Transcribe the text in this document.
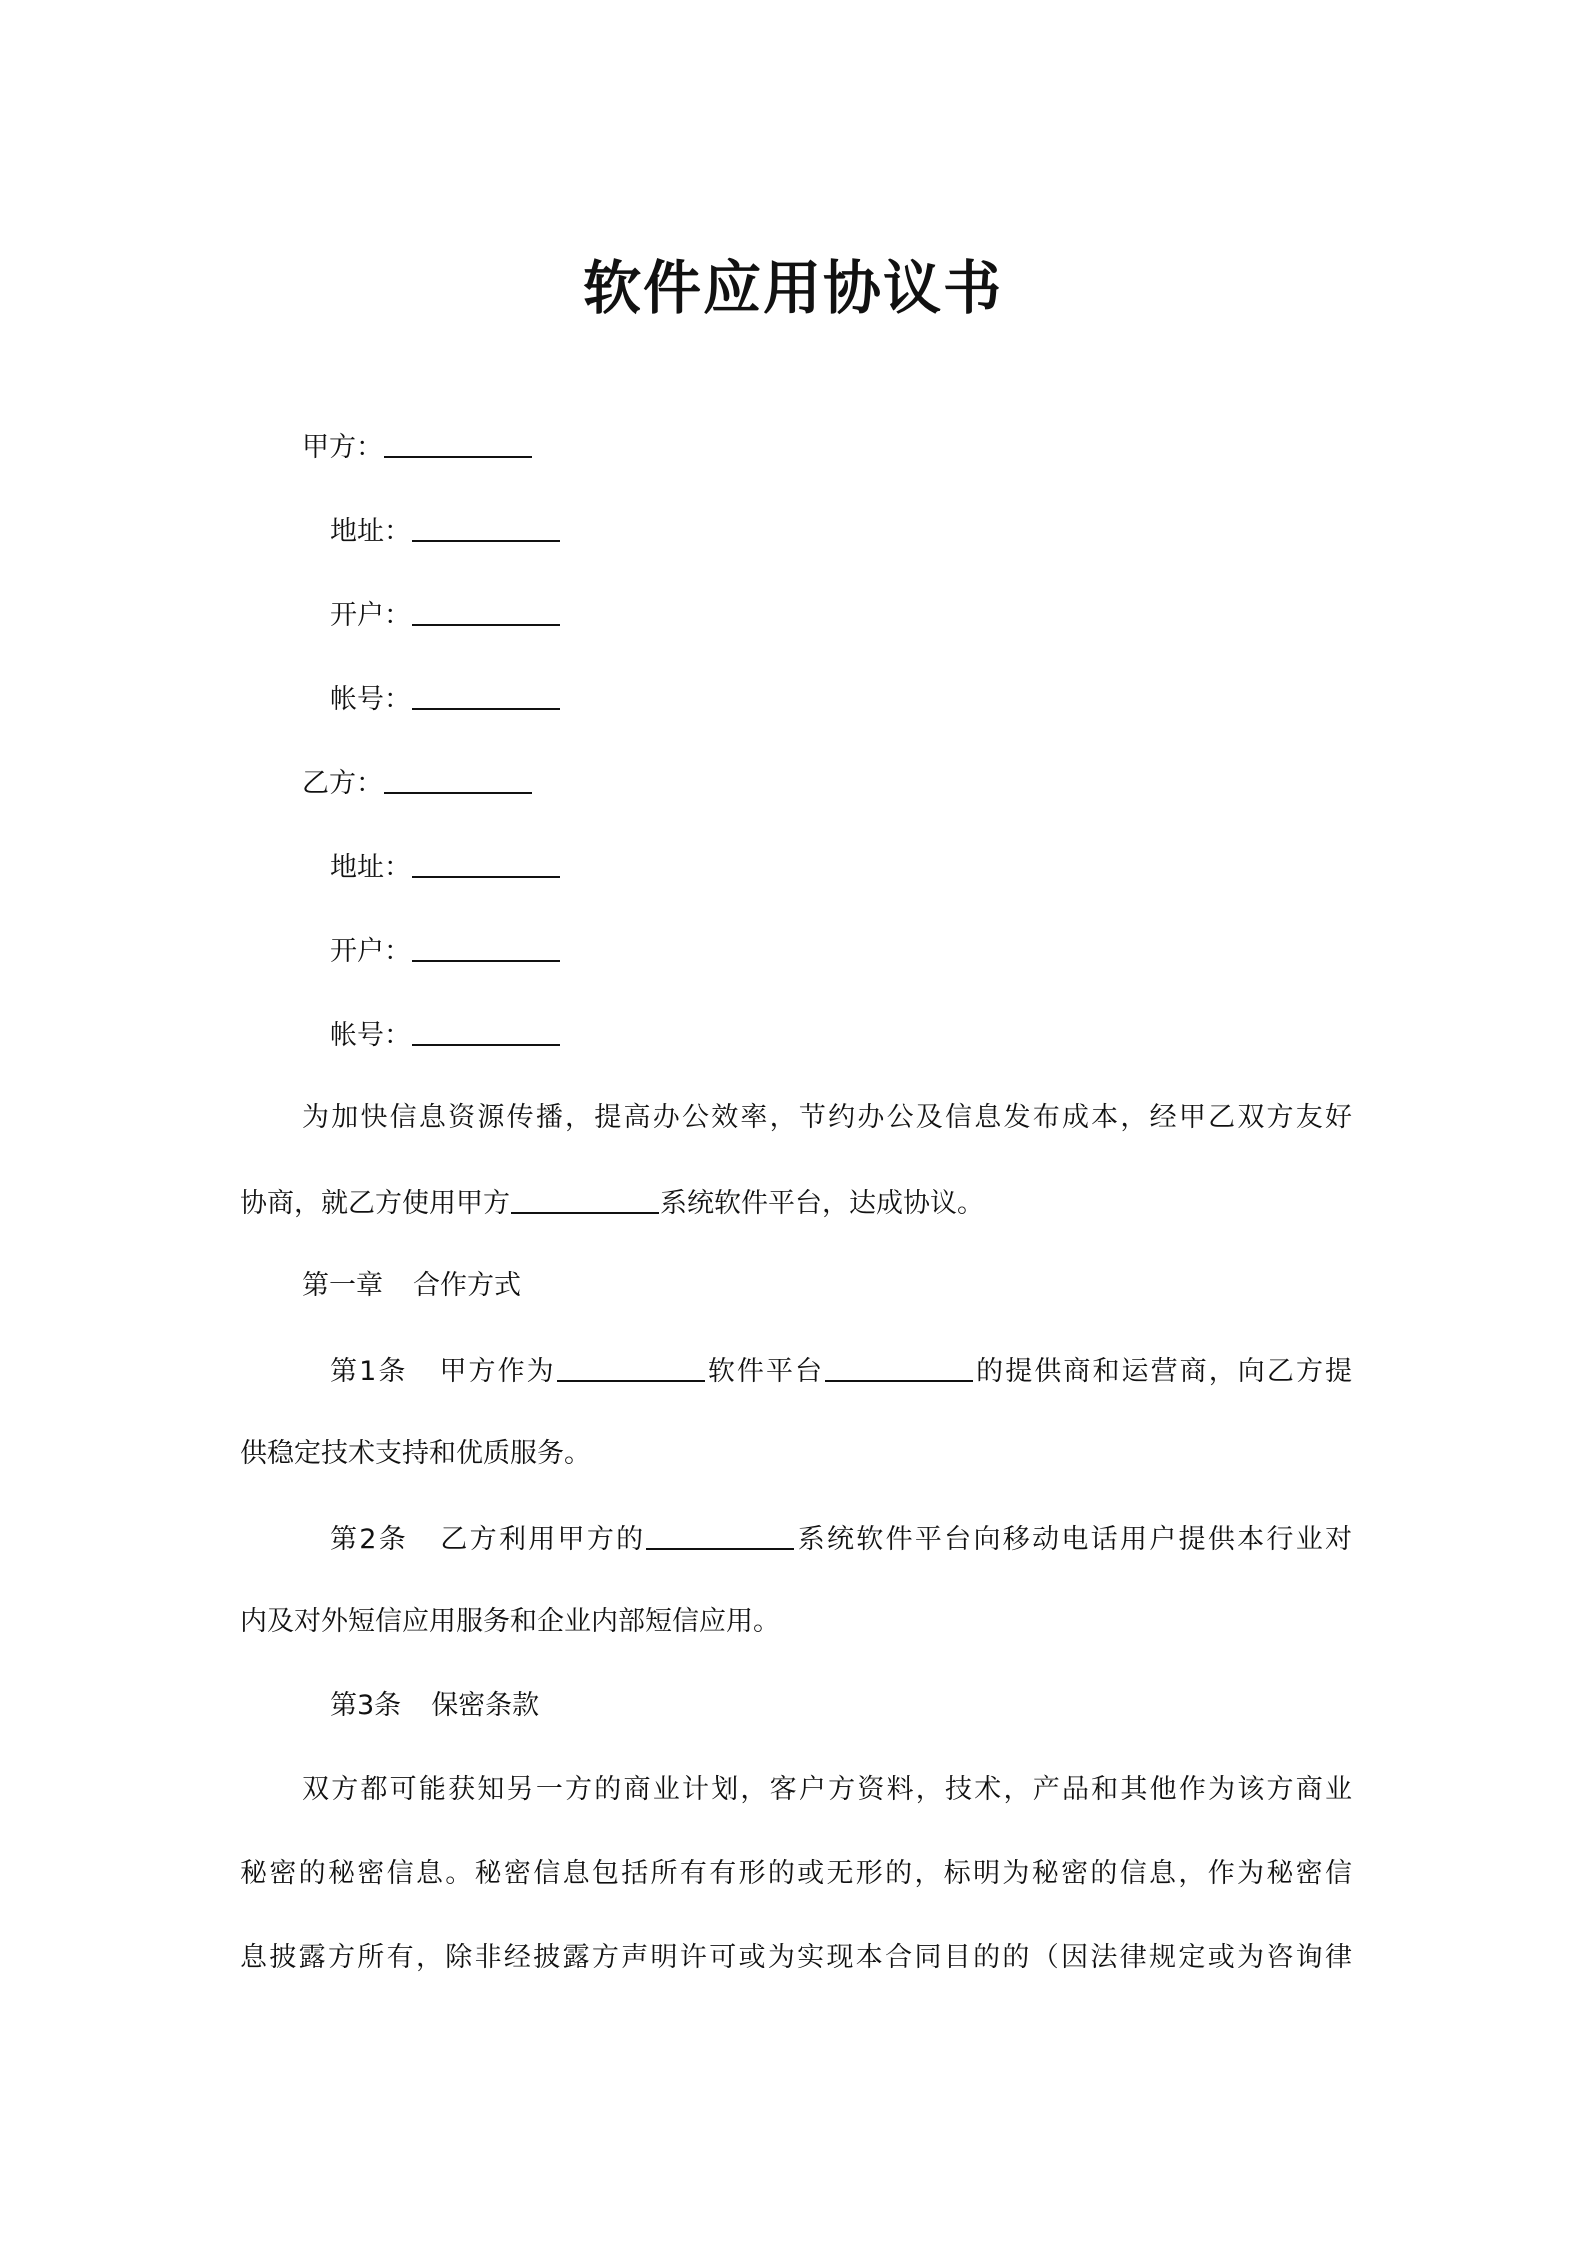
软件应用协议书
甲方：
地址：
开户：
帐号：
乙方：
地址：
开户：
帐号：
为加快信息资源传播，提高办公效率，节约办公及信息发布成本，经甲乙双方友好
协商，就乙方使用甲方	系统软件平台，达成协议。
第一章 合作方式
第1条 甲方作为	软件平台	的提供商和运营商，向乙方提
供稳定技术支持和优质服务。
第2条 乙方利用甲方的	系统软件平台向移动电话用户提供本行业对
内及对外短信应用服务和企业内部短信应用。
第3条 保密条款
双方都可能获知另一方的商业计划，客户方资料，技术，产品和其他作为该方商业
秘密的秘密信息。秘密信息包括所有有形的或无形的，标明为秘密的信息，作为秘密信
息披露方所有，除非经披露方声明许可或为实现本合同目的的（因法律规定或为咨询律
